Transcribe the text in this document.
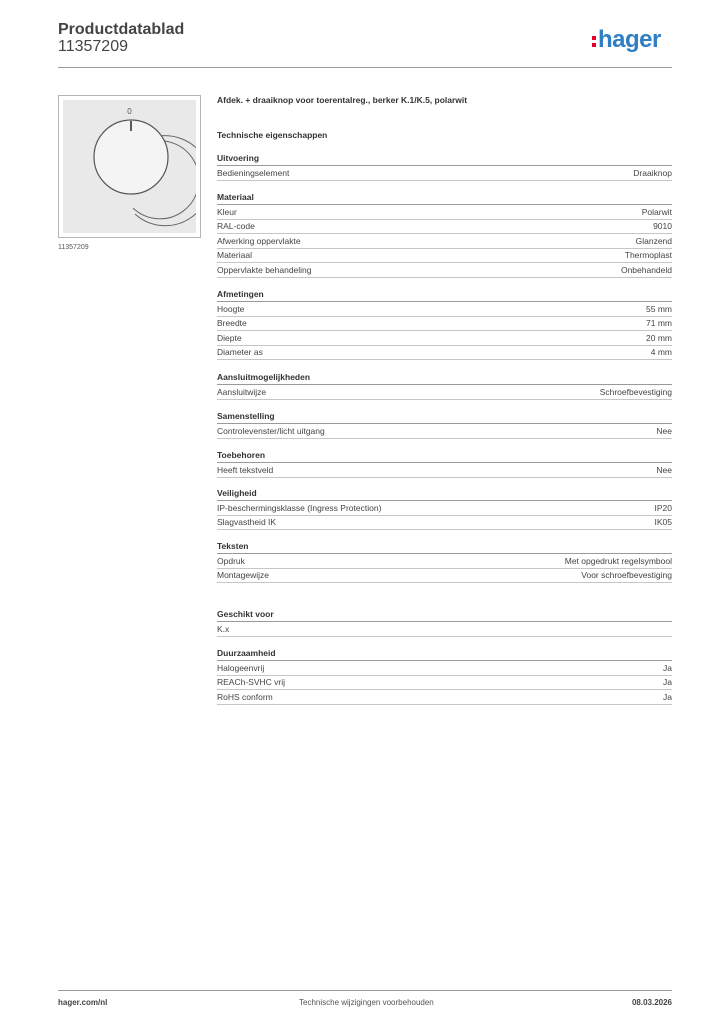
Productdatablad
11357209	hager
0
11357209
Afdek. + draaiknop voor toerentalreg., berker K.1/K.5, polarwit
Technische eigenschappen
Uitvoering
Bedieningselement	Draaiknop
Materiaal
Kleur	Polarwit
RAL-code	9010
Afwerking oppervlakte	Glanzend
Materiaal	Thermoplast
Oppervlakte behandeling	Onbehandeld
Afmetingen
Hoogte	55 mm
Breedte	71 mm
Diepte	20 mm
Diameter as	4 mm
Aansluitmogelijkheden
Aansluitwijze	Schroefbevestiging
Samenstelling
Controlevenster/licht uitgang	Nee
Toebehoren
Heeft tekstveld	Nee
Veiligheid
IP-beschermingsklasse (Ingress Protection)	IP20
Slagvastheid IK	IK05
Teksten
Opdruk	Met opgedrukt regelsymbool
Montagewijze	Voor schroefbevestiging
Geschikt voor
K.x
Duurzaamheid
Halogeenvrij	Ja
REACh-SVHC vrij	Ja
RoHS conform	Ja
hager.com/nl	Technische wijzigingen voorbehouden	08.03.2026
